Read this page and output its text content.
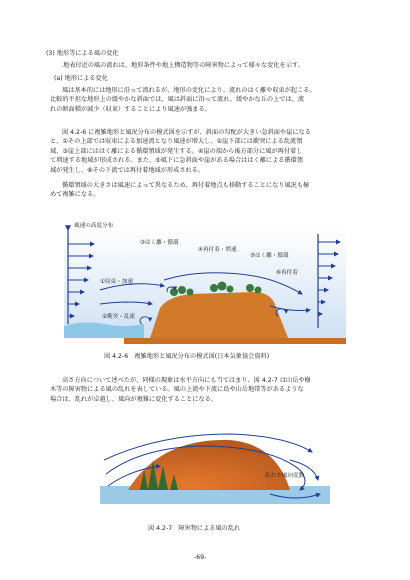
(3) 地形等による風の変化
地表付近の風の流れは、地形条件や地上構造物等の障害物によって様々な変化を示す。
(a) 地形による変化
風は基本的には地形に沿って流れるが、地形の変化により、流れのはく離や収束が起こる。
比較的平坦な地形上の緩やかな斜面では、風は斜面に沿って流れ、緩やかな丘の上では、流
れの断面積が減少（収束）することにより風速が強まる。
図 4.2-6 に複雑地形と風況分布の模式図を示すが、斜面の勾配が大きい急斜面や崖になる
と、①その上部では収束による加速流となり風速が増大し、②崖下部には衝突による乱流領
域、③崖上部にははく離による循環領域が発生する。④崖の端から後方部分に風が再付着し
て増速する地域が形成される。また、⑤風下に急斜面や崖がある場合ははく離による循環領
域が発生し、⑥その下流では再付着地域が形成される。
循環領域の大きさは風速によって異なるため、再付着地点も移動することになり風況も極
めて複雑になる。
風速の高度分布
③はく離・循環
④再付着・増速
⑤はく離・循環
①収束・加速
⑥再付着
②衝突・乱流
図 4.2-6　複雑地形と風況分布の模式図(日本気象協会資料)
高さ方向について述べたが、同様の現象は水平方向にも当てはまり、図 4.2-7 は山岳や樹
木等の障害物による風の乱れを表している。風の上流や下流に島や山岳地帯等があるような
場合は、乱れが卓越し、風向が複雑に変化することになる。
乱れや風向変動
図 4.2-7　障害物による風の乱れ
-69-
